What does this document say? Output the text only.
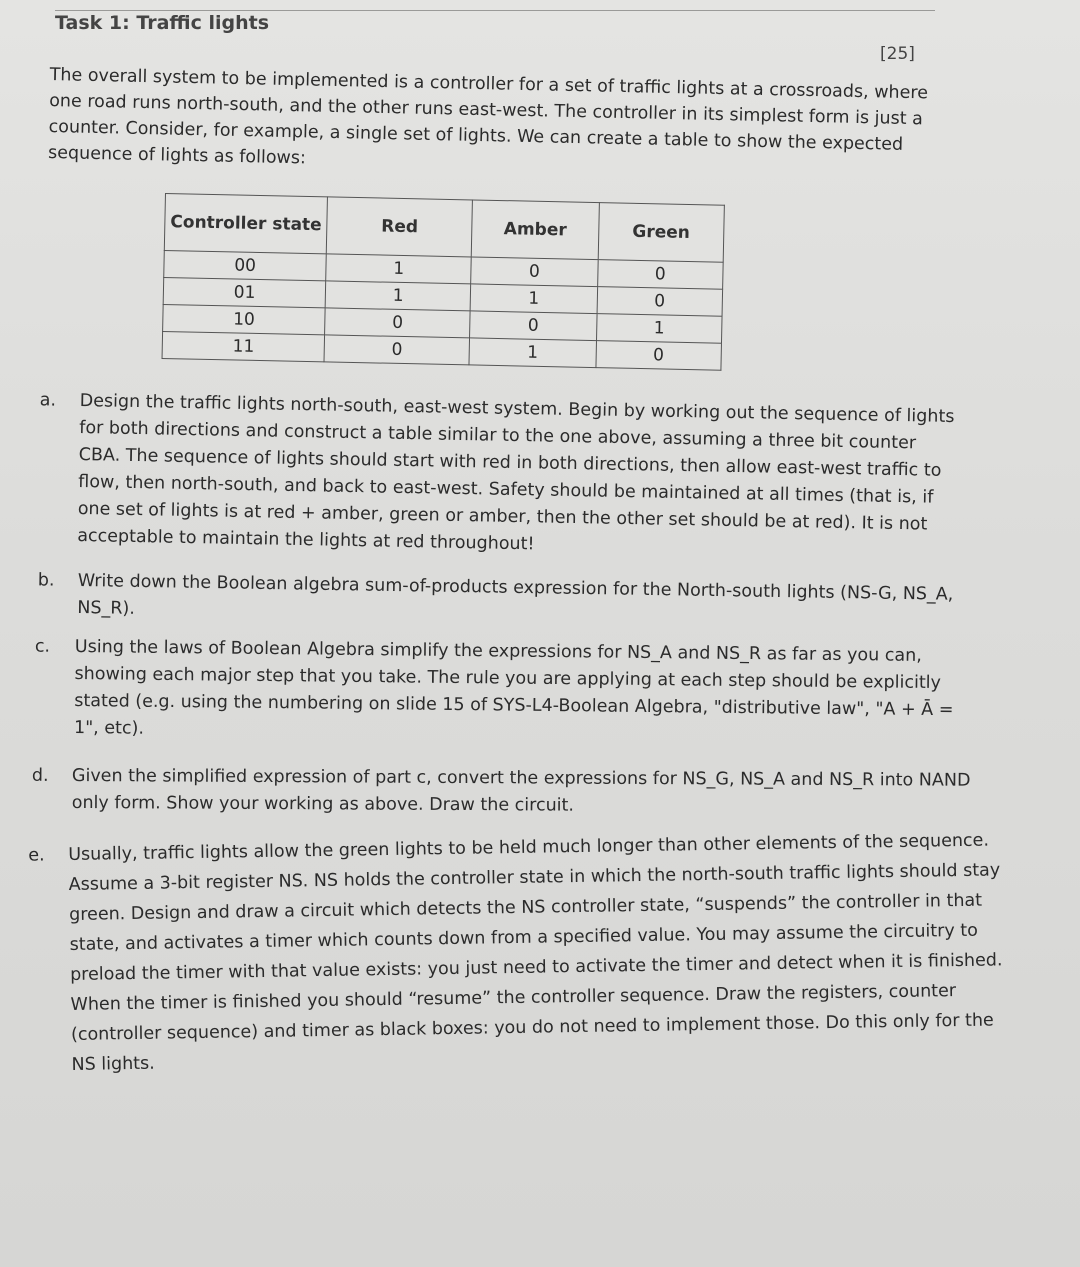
Task 1: Traffic lights
[25]
The overall system to be implemented is a controller for a set of traffic lights at a crossroads, where one road runs north-south, and the other runs east-west. The controller in its simplest form is just a counter. Consider, for example, a single set of lights. We can create a table to show the expected sequence of lights as follows:
Controller state	Red	Amber	Green
00	1	0	0
01	1	1	0
10	0	0	1
11	0	1	0
a. Design the traffic lights north-south, east-west system. Begin by working out the sequence of lights for both directions and construct a table similar to the one above, assuming a three bit counter CBA. The sequence of lights should start with red in both directions, then allow east-west traffic to flow, then north-south, and back to east-west. Safety should be maintained at all times (that is, if one set of lights is at red + amber, green or amber, then the other set should be at red). It is not acceptable to maintain the lights at red throughout!
b. Write down the Boolean algebra sum-of-products expression for the North-south lights (NS-G, NS_A, NS_R).
c. Using the laws of Boolean Algebra simplify the expressions for NS_A and NS_R as far as you can, showing each major step that you take. The rule you are applying at each step should be explicitly stated (e.g. using the numbering on slide 15 of SYS-L4-Boolean Algebra, "distributive law", "A + Ā = 1", etc).
d. Given the simplified expression of part c, convert the expressions for NS_G, NS_A and NS_R into NAND only form. Show your working as above. Draw the circuit.
e. Usually, traffic lights allow the green lights to be held much longer than other elements of the sequence. Assume a 3-bit register NS. NS holds the controller state in which the north-south traffic lights should stay green. Design and draw a circuit which detects the NS controller state, “suspends” the controller in that state, and activates a timer which counts down from a specified value. You may assume the circuitry to preload the timer with that value exists: you just need to activate the timer and detect when it is finished. When the timer is finished you should “resume” the controller sequence. Draw the registers, counter (controller sequence) and timer as black boxes: you do not need to implement those. Do this only for the NS lights.
